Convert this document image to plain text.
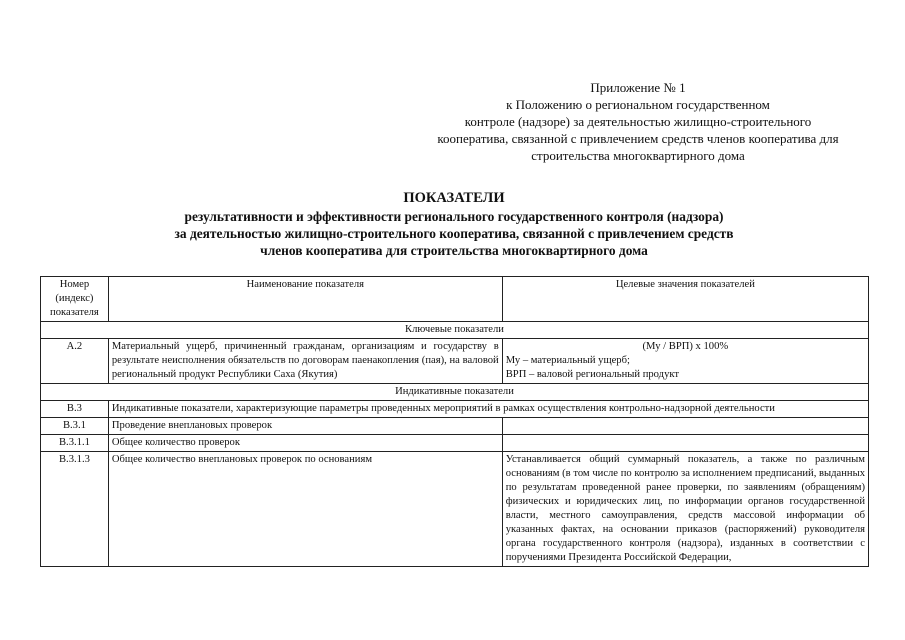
Приложение № 1
к Положению о региональном государственном
контроле (надзоре) за деятельностью жилищно-строительного
кооператива, связанной с привлечением средств членов кооператива для
строительства многоквартирного дома
ПОКАЗАТЕЛИ
результативности и эффективности регионального государственного контроля (надзора)
за деятельностью жилищно-строительного кооператива, связанной с привлечением средств
членов кооператива для строительства многоквартирного дома
Номер (индекс) показателя	Наименование показателя	Целевые значения показателей
Ключевые показатели		
А.2	Материальный ущерб, причиненный гражданам, организациям и государству в результате неисполнения обязательств по договорам паенакопления (пая), на валовой региональный продукт Республики Саха (Якутия)	(Му / ВРП) х 100%
Му – материальный ущерб;
ВРП – валовой региональный продукт

Индикативные показатели		
В.3	Индикативные показатели, характеризующие параметры проведенных мероприятий в рамках осуществления контрольно-надзорной деятельности	
В.3.1	Проведение внеплановых проверок	
В.3.1.1	Общее количество проверок	
В.3.1.3	Общее количество внеплановых проверок по основаниям	Устанавливается общий суммарный показатель, а также по различным основаниям (в том числе по контролю за исполнением предписаний, выданных по результатам проведенной ранее проверки, по заявлениям (обращениям) физических и юридических лиц, по информации органов государственной власти, местного самоуправления, средств массовой информации об указанных фактах, на основании приказов (распоряжений) руководителя органа государственного контроля (надзора), изданных в соответствии с поручениями Президента Российской Федерации,
